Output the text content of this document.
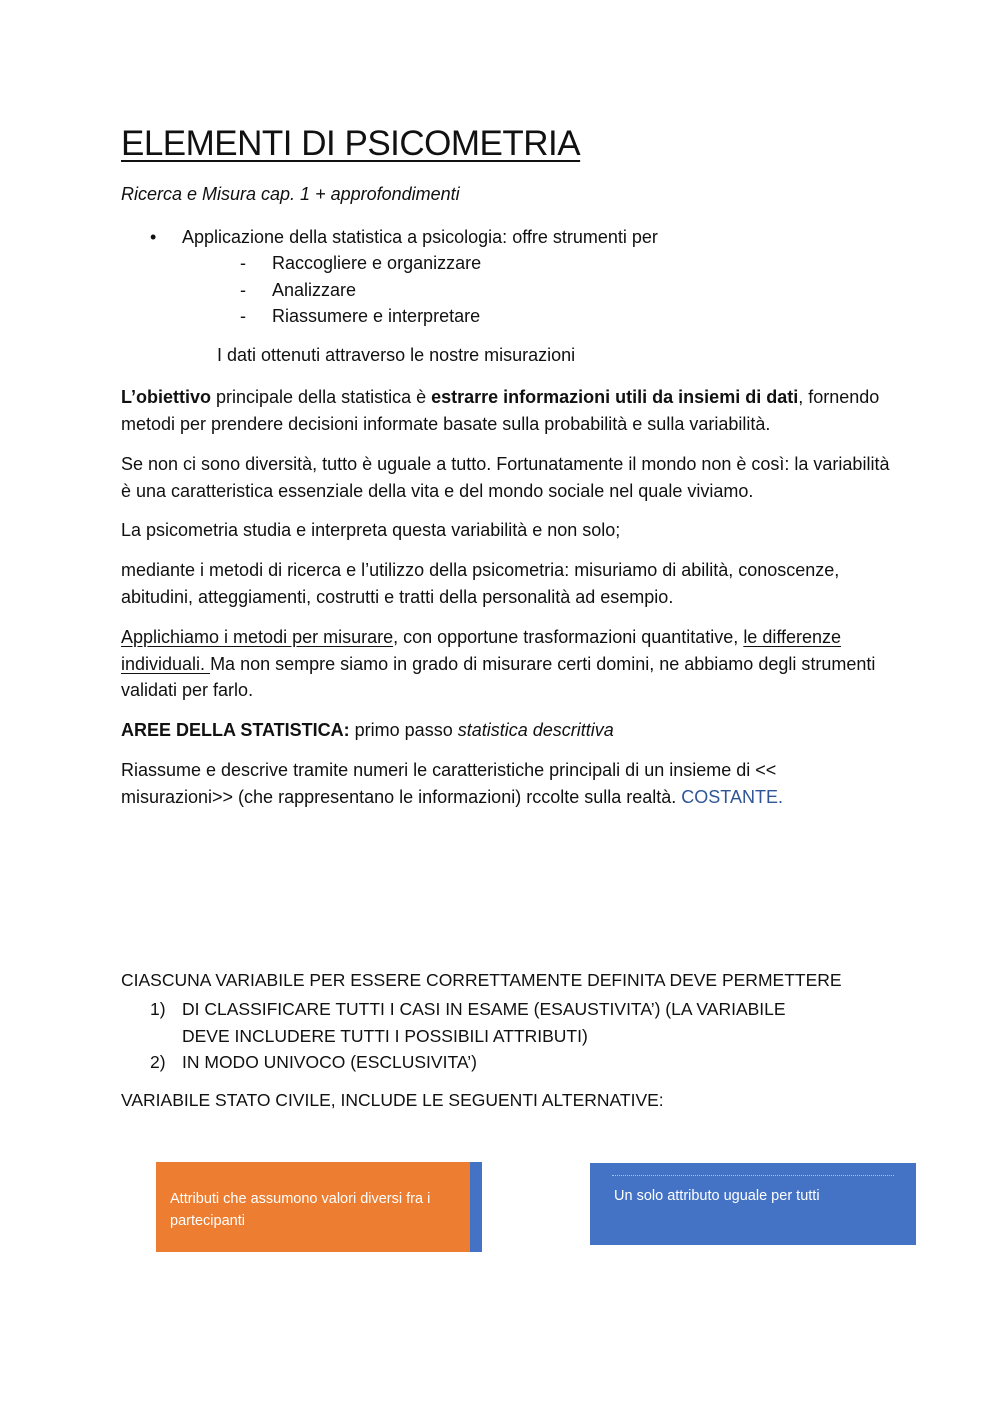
ELEMENTI DI PSICOMETRIA

Ricerca e Misura cap. 1 + approfondimenti

• Applicazione della statistica a psicologia: offre strumenti per
- Raccogliere e organizzare
- Analizzare
- Riassumere e interpretare
I dati ottenuti attraverso le nostre misurazioni

L’obiettivo principale della statistica è estrarre informazioni utili da insiemi di dati, fornendo metodi per prendere decisioni informate basate sulla probabilità e sulla variabilità.

Se non ci sono diversità, tutto è uguale a tutto. Fortunatamente il mondo non è così: la variabilità è una caratteristica essenziale della vita e del mondo sociale nel quale viviamo.

La psicometria studia e interpreta questa variabilità e non solo;

mediante i metodi di ricerca e l’utilizzo della psicometria: misuriamo di abilità, conoscenze, abitudini, atteggiamenti, costrutti e tratti della personalità ad esempio.

Applichiamo i metodi per misurare, con opportune trasformazioni quantitative, le differenze individuali. Ma non sempre siamo in grado di misurare certi domini, ne abbiamo degli strumenti validati per farlo.

AREE DELLA STATISTICA: primo passo statistica descrittiva

Riassume e descrive tramite numeri le caratteristiche principali di un insieme di << misurazioni>> (che rappresentano le informazioni) rccolte sulla realtà. COSTANTE.

CIASCUNA VARIABILE PER ESSERE CORRETTAMENTE DEFINITA DEVE PERMETTERE

1) DI CLASSIFICARE TUTTI I CASI IN ESAME (ESAUSTIVITA’) (LA VARIABILE DEVE INCLUDERE TUTTI I POSSIBILI ATTRIBUTI)
2) IN MODO UNIVOCO (ESCLUSIVITA’)

VARIABILE STATO CIVILE, INCLUDE LE SEGUENTI ALTERNATIVE:

Attributi che assumono valori diversi fra i partecipanti
Un solo attributo uguale per tutti
